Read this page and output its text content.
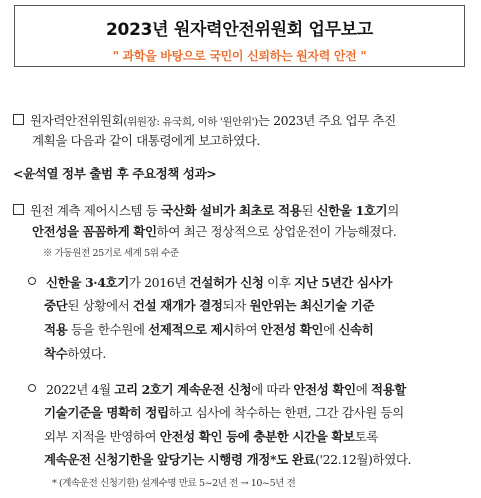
2023년 원자력안전위원회 업무보고
" 과학을 바탕으로 국민이 신뢰하는 원자력 안전 "
원자력안전위원회(위원장: 유국희, 이하 '원안위')는 2023년 주요 업무 추진
계획을 다음과 같이 대통령에게 보고하였다.
<윤석열 정부 출범 후 주요정책 성과>
원전 계측 제어시스템 등 국산화 설비가 최초로 적용된 신한울 1호기의
안전성을 꼼꼼하게 확인하여 최근 정상적으로 상업운전이 가능해졌다.
※ 가동원전 25기로 세계 5위 수준
신한울 3·4호기가 2016년 건설허가 신청 이후 지난 5년간 심사가
중단된 상황에서 건설 재개가 결정되자 원안위는 최신기술 기준
적용 등을 한수원에 선제적으로 제시하여 안전성 확인에 신속히
착수하였다.
2022년 4월 고리 2호기 계속운전 신청에 따라 안전성 확인에 적용할
기술기준을 명확히 정립하고 심사에 착수하는 한편, 그간 감사원 등의
외부 지적을 반영하여 안전성 확인 등에 충분한 시간을 확보토록
계속운전 신청기한을 앞당기는 시행령 개정*도 완료('22.12월)하였다.
* (계속운전 신청기한) 설계수명 만료 5~2년 전 → 10~5년 전
